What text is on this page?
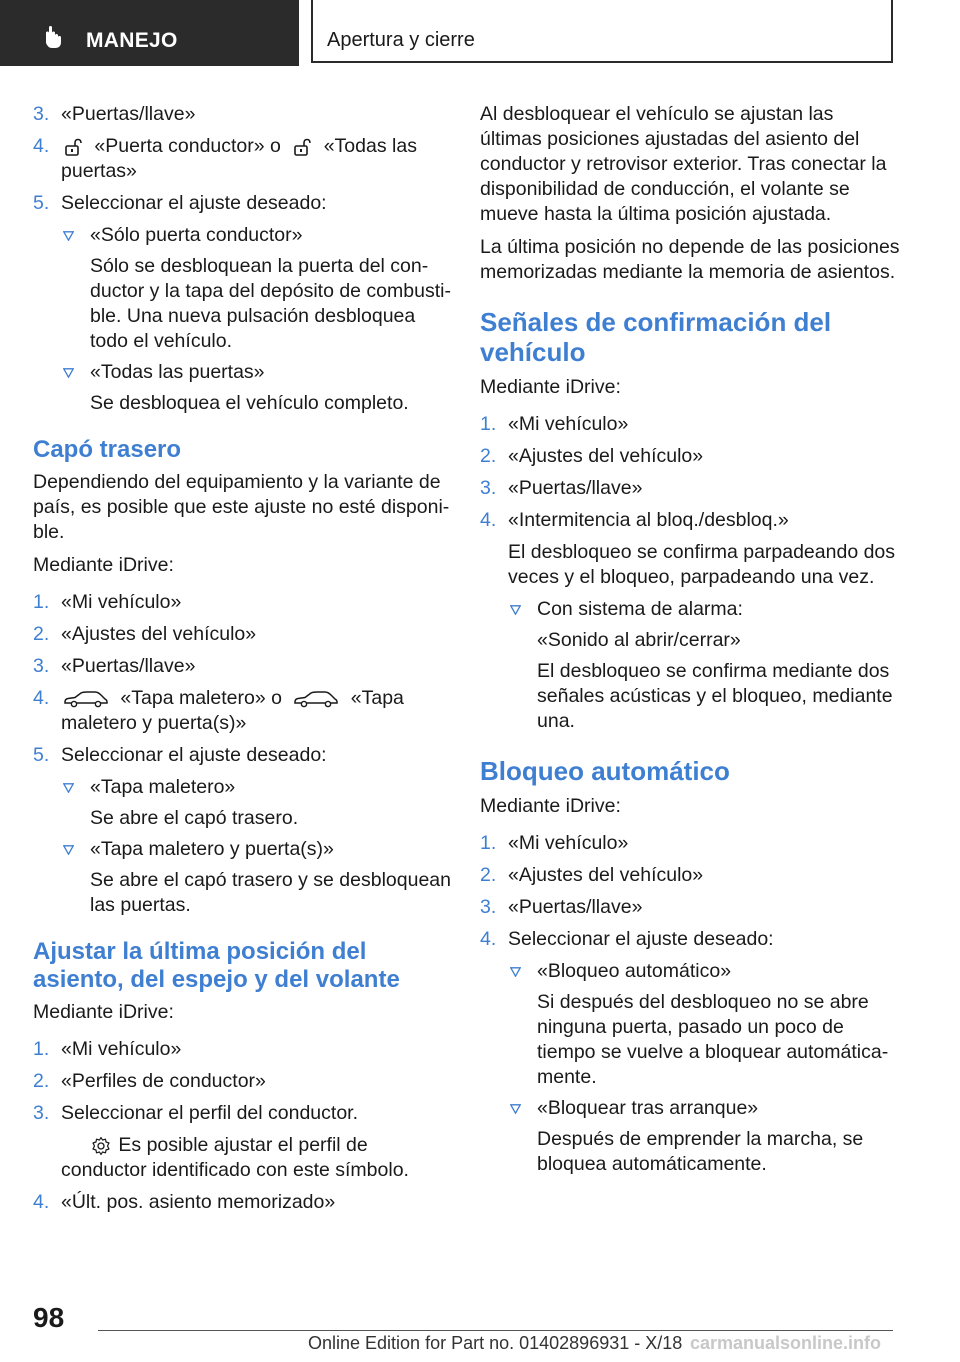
MANEJO	Apertura y cierre
3. «Puertas/llave»
4. «Puerta conductor» o  «Todas las puertas»
5. Seleccionar el ajuste deseado:
«Sólo puerta conductor»
Sólo se desbloquean la puerta del conductor y la tapa del depósito de combustible. Una nueva pulsación desbloquea todo el vehículo.
«Todas las puertas»
Se desbloquea el vehículo completo.
Capó trasero
Dependiendo del equipamiento y la variante de país, es posible que este ajuste no esté disponible.
Mediante iDrive:
1. «Mi vehículo»
2. «Ajustes del vehículo»
3. «Puertas/llave»
4.	«Tapa maletero» o	«Tapa maletero y puerta(s)»
5. Seleccionar el ajuste deseado:
«Tapa maletero»
Se abre el capó trasero.
«Tapa maletero y puerta(s)»
Se abre el capó trasero y se desbloquean las puertas.
Ajustar la última posición del asiento, del espejo y del volante
Mediante iDrive:
1. «Mi vehículo»
2. «Perfiles de conductor»
3. Seleccionar el perfil del conductor.
Es posible ajustar el perfil de conductor identificado con este símbolo.
4. «Últ. pos. asiento memorizado»
Al desbloquear el vehículo se ajustan las últimas posiciones ajustadas del asiento del conductor y retrovisor exterior. Tras conectar la disponibilidad de conducción, el volante se mueve hasta la última posición ajustada.
La última posición no depende de las posiciones memorizadas mediante la memoria de asientos.
Señales de confirmación del vehículo
Mediante iDrive:
1. «Mi vehículo»
2. «Ajustes del vehículo»
3. «Puertas/llave»
4. «Intermitencia al bloq./desbloq.»
El desbloqueo se confirma parpadeando dos veces y el bloqueo, parpadeando una vez.
Con sistema de alarma:
«Sonido al abrir/cerrar»
El desbloqueo se confirma mediante dos señales acústicas y el bloqueo, mediante una.
Bloqueo automático
Mediante iDrive:
1. «Mi vehículo»
2. «Ajustes del vehículo»
3. «Puertas/llave»
4. Seleccionar el ajuste deseado:
«Bloqueo automático»
Si después del desbloqueo no se abre ninguna puerta, pasado un poco de tiempo se vuelve a bloquear automáticamente.
«Bloquear tras arranque»
Después de emprender la marcha, se bloquea automáticamente.
98
Online Edition for Part no. 01402896931 - X/18 carmanualsonline.info
